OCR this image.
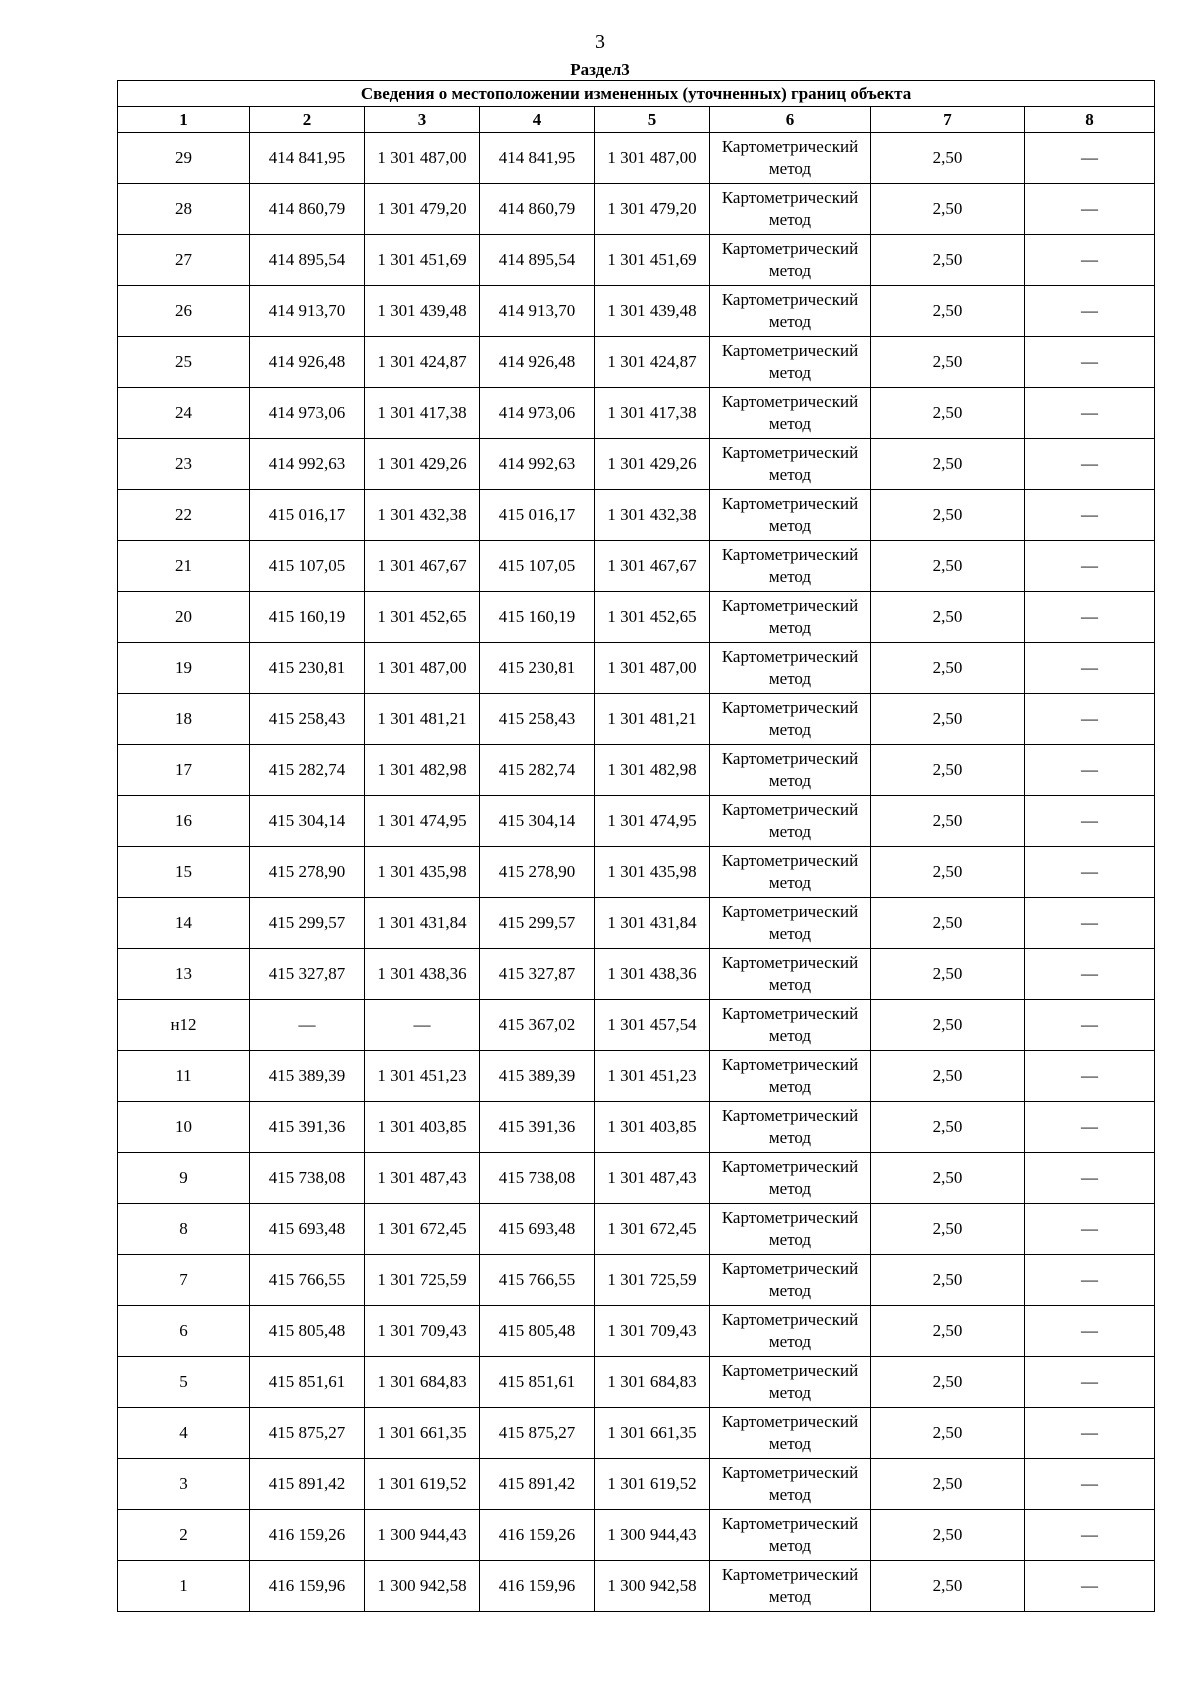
3
Раздел3
Сведения о местоположении измененных (уточненных) границ объекта							
1	2	3	4	5	6	7	8
29	414 841,95	1 301 487,00	414 841,95	1 301 487,00	Картометрический метод	2,50	—
28	414 860,79	1 301 479,20	414 860,79	1 301 479,20	Картометрический метод	2,50	—
27	414 895,54	1 301 451,69	414 895,54	1 301 451,69	Картометрический метод	2,50	—
26	414 913,70	1 301 439,48	414 913,70	1 301 439,48	Картометрический метод	2,50	—
25	414 926,48	1 301 424,87	414 926,48	1 301 424,87	Картометрический метод	2,50	—
24	414 973,06	1 301 417,38	414 973,06	1 301 417,38	Картометрический метод	2,50	—
23	414 992,63	1 301 429,26	414 992,63	1 301 429,26	Картометрический метод	2,50	—
22	415 016,17	1 301 432,38	415 016,17	1 301 432,38	Картометрический метод	2,50	—
21	415 107,05	1 301 467,67	415 107,05	1 301 467,67	Картометрический метод	2,50	—
20	415 160,19	1 301 452,65	415 160,19	1 301 452,65	Картометрический метод	2,50	—
19	415 230,81	1 301 487,00	415 230,81	1 301 487,00	Картометрический метод	2,50	—
18	415 258,43	1 301 481,21	415 258,43	1 301 481,21	Картометрический метод	2,50	—
17	415 282,74	1 301 482,98	415 282,74	1 301 482,98	Картометрический метод	2,50	—
16	415 304,14	1 301 474,95	415 304,14	1 301 474,95	Картометрический метод	2,50	—
15	415 278,90	1 301 435,98	415 278,90	1 301 435,98	Картометрический метод	2,50	—
14	415 299,57	1 301 431,84	415 299,57	1 301 431,84	Картометрический метод	2,50	—
13	415 327,87	1 301 438,36	415 327,87	1 301 438,36	Картометрический метод	2,50	—
н12	—	—	415 367,02	1 301 457,54	Картометрический метод	2,50	—
11	415 389,39	1 301 451,23	415 389,39	1 301 451,23	Картометрический метод	2,50	—
10	415 391,36	1 301 403,85	415 391,36	1 301 403,85	Картометрический метод	2,50	—
9	415 738,08	1 301 487,43	415 738,08	1 301 487,43	Картометрический метод	2,50	—
8	415 693,48	1 301 672,45	415 693,48	1 301 672,45	Картометрический метод	2,50	—
7	415 766,55	1 301 725,59	415 766,55	1 301 725,59	Картометрический метод	2,50	—
6	415 805,48	1 301 709,43	415 805,48	1 301 709,43	Картометрический метод	2,50	—
5	415 851,61	1 301 684,83	415 851,61	1 301 684,83	Картометрический метод	2,50	—
4	415 875,27	1 301 661,35	415 875,27	1 301 661,35	Картометрический метод	2,50	—
3	415 891,42	1 301 619,52	415 891,42	1 301 619,52	Картометрический метод	2,50	—
2	416 159,26	1 300 944,43	416 159,26	1 300 944,43	Картометрический метод	2,50	—
1	416 159,96	1 300 942,58	416 159,96	1 300 942,58	Картометрический метод	2,50	—
